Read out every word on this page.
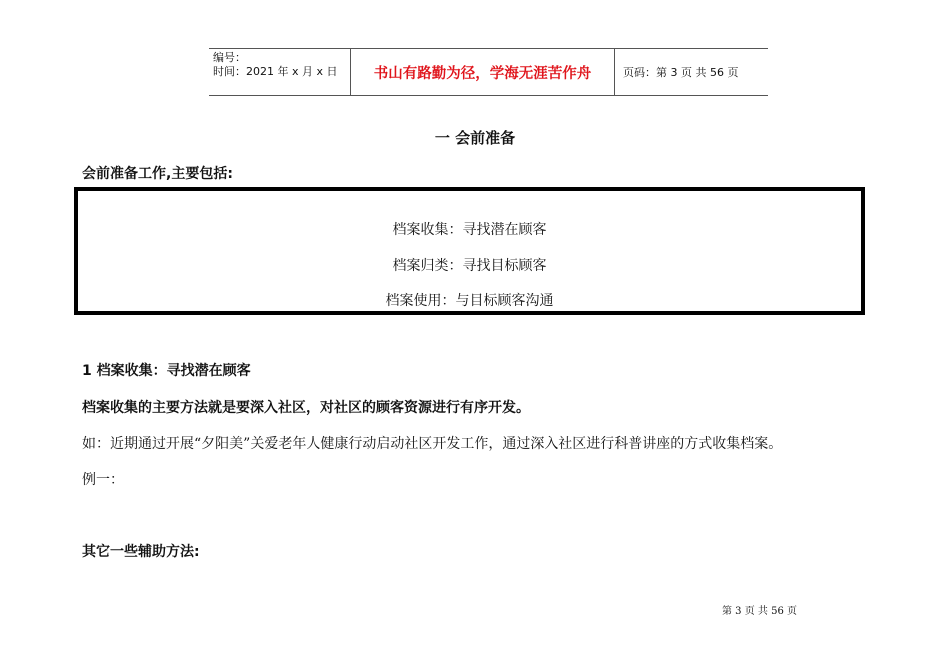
编号：
时间：2021 年 x 月 x 日	书山有路勤为径，学海无涯苦作舟	页码：第 3 页 共 56 页
一 会前准备
会前准备工作,主要包括:
档案收集：寻找潜在顾客
档案归类：寻找目标顾客
档案使用：与目标顾客沟通
1 档案收集：寻找潜在顾客
档案收集的主要方法就是要深入社区，对社区的顾客资源进行有序开发。
如：近期通过开展“夕阳美”关爱老年人健康行动启动社区开发工作，通过深入社区进行科普讲座的方式收集档案。
例一：
其它一些辅助方法:
第 3 页 共 56 页
